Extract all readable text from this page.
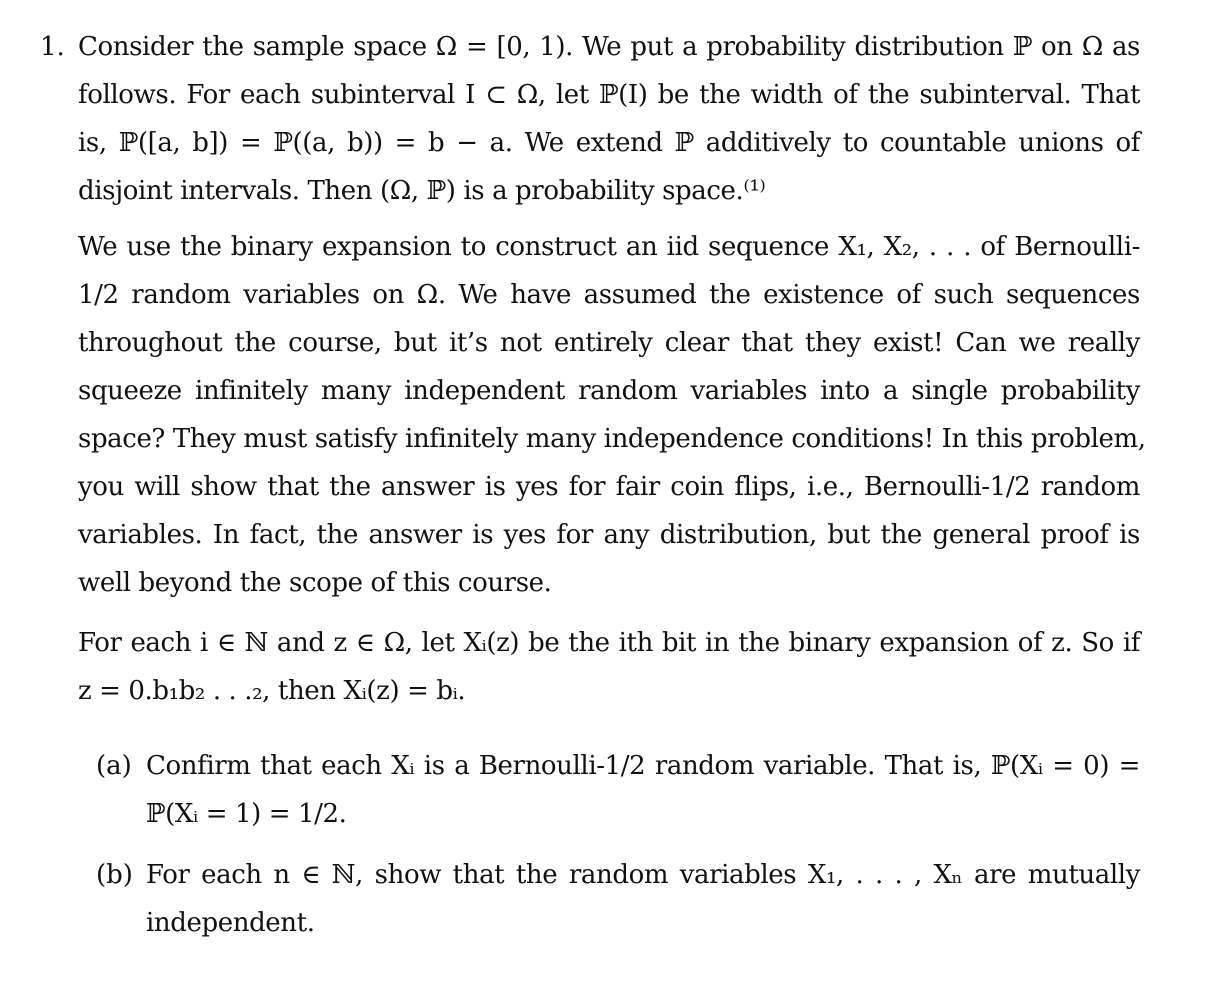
1. Consider the sample space Ω = [0, 1). We put a probability distribution ℙ on Ω as
follows. For each subinterval I ⊂ Ω, let ℙ(I) be the width of the subinterval. That
is, ℙ([a, b]) = ℙ((a, b)) = b − a. We extend ℙ additively to countable unions of
disjoint intervals. Then (Ω, ℙ) is a probability space.⁽¹⁾
We use the binary expansion to construct an iid sequence X₁, X₂, . . . of Bernoulli-
1/2 random variables on Ω. We have assumed the existence of such sequences
throughout the course, but it’s not entirely clear that they exist! Can we really
squeeze infinitely many independent random variables into a single probability
space? They must satisfy infinitely many independence conditions! In this problem,
you will show that the answer is yes for fair coin flips, i.e., Bernoulli-1/2 random
variables. In fact, the answer is yes for any distribution, but the general proof is
well beyond the scope of this course.
For each i ∈ ℕ and z ∈ Ω, let Xᵢ(z) be the ith bit in the binary expansion of z. So if
z = 0.b₁b₂ . . .₂, then Xᵢ(z) = bᵢ.
(a) Confirm that each Xᵢ is a Bernoulli-1/2 random variable. That is, ℙ(Xᵢ = 0) =
ℙ(Xᵢ = 1) = 1/2.
(b) For each n ∈ ℕ, show that the random variables X₁, . . . , Xₙ are mutually
independent.
